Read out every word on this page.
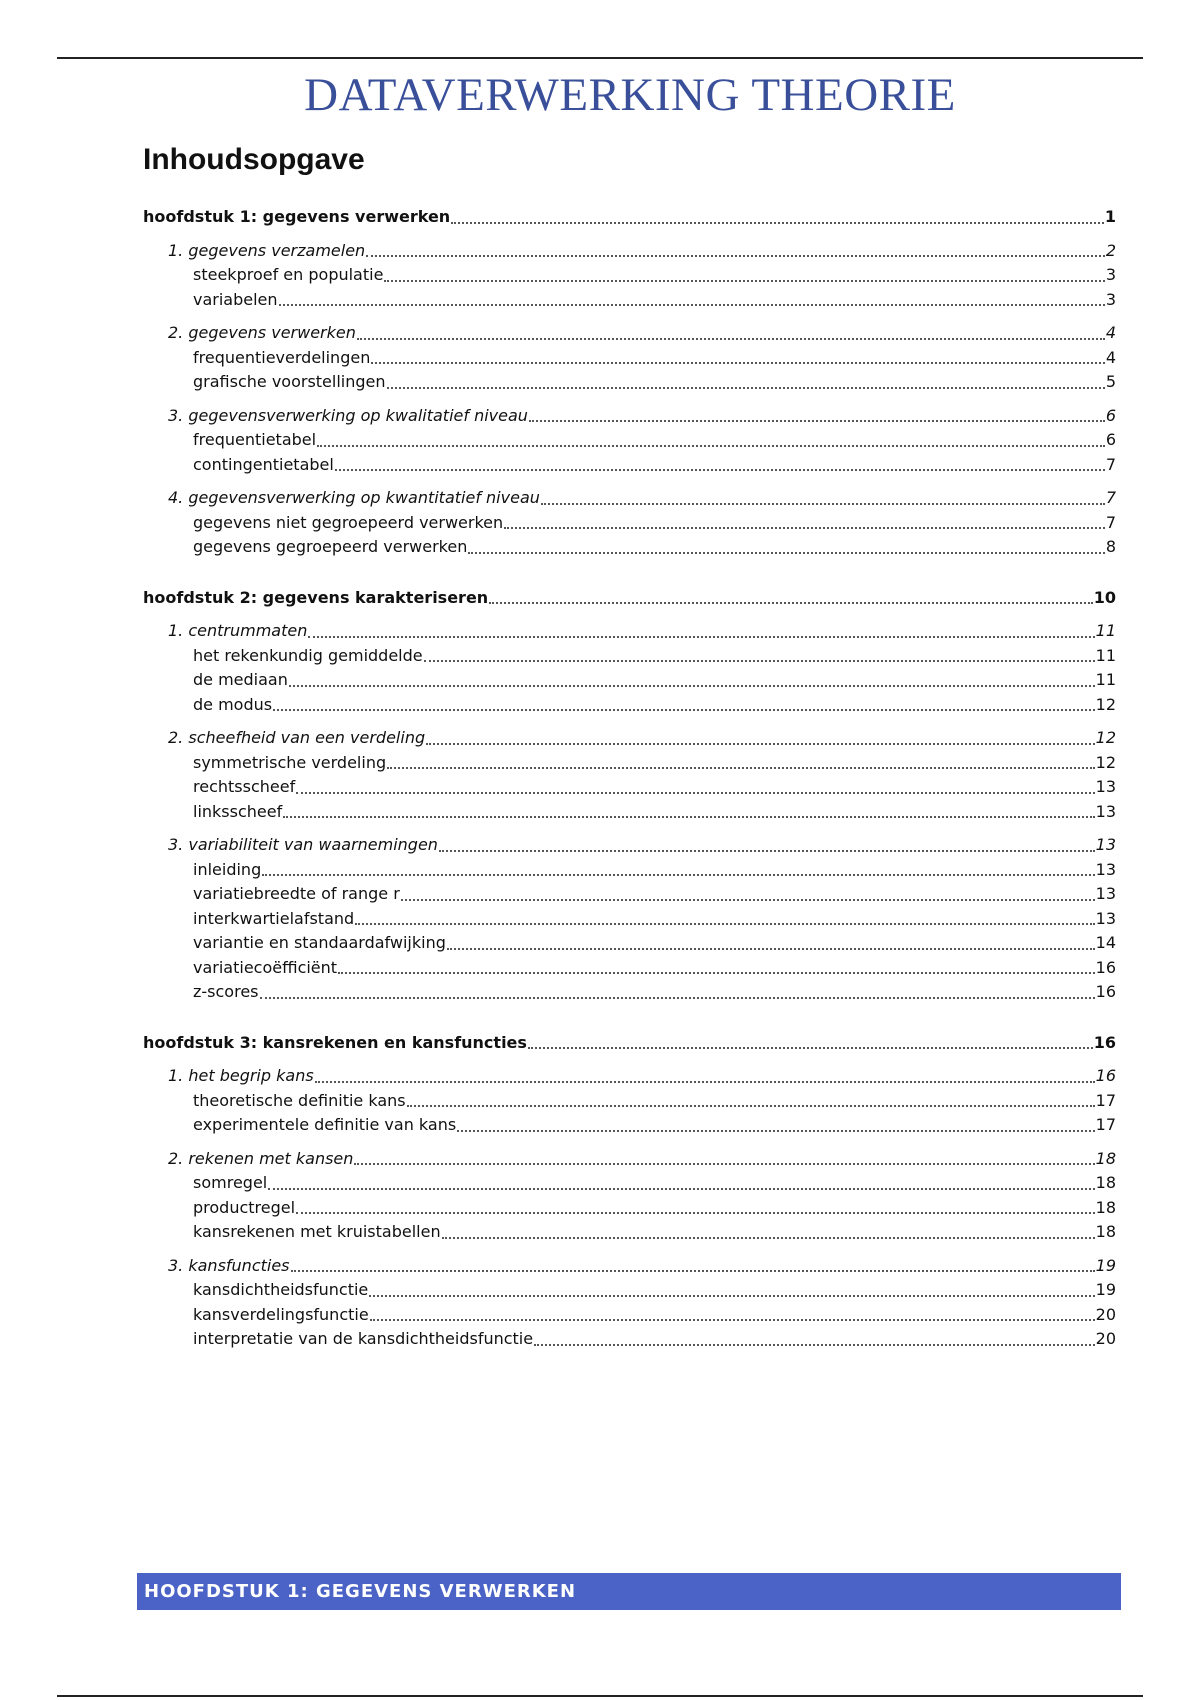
DATAVERWERKING THEORIE
Inhoudsopgave
hoofdstuk 1: gegevens verwerken	1
1. gegevens verzamelen	2
steekproef en populatie	3
variabelen	3
2. gegevens verwerken	4
frequentieverdelingen	4
grafische voorstellingen	5
3. gegevensverwerking op kwalitatief niveau	6
frequentietabel	6
contingentietabel	7
4. gegevensverwerking op kwantitatief niveau	7
gegevens niet gegroepeerd verwerken	7
gegevens gegroepeerd verwerken	8
hoofdstuk 2: gegevens karakteriseren	10
1. centrummaten	11
het rekenkundig gemiddelde	11
de mediaan	11
de modus	12
2. scheefheid van een verdeling	12
symmetrische verdeling	12
rechtsscheef	13
linksscheef	13
3. variabiliteit van waarnemingen	13
inleiding	13
variatiebreedte of range r	13
interkwartielafstand	13
variantie en standaardafwijking	14
variatiecoëfficiënt	16
z-scores	16
hoofdstuk 3: kansrekenen en kansfuncties	16
1. het begrip kans	16
theoretische definitie kans	17
experimentele definitie van kans	17
2. rekenen met kansen	18
somregel	18
productregel	18
kansrekenen met kruistabellen	18
3. kansfuncties	19
kansdichtheidsfunctie	19
kansverdelingsfunctie	20
interpretatie van de kansdichtheidsfunctie	20
HOOFDSTUK 1: GEGEVENS VERWERKEN
